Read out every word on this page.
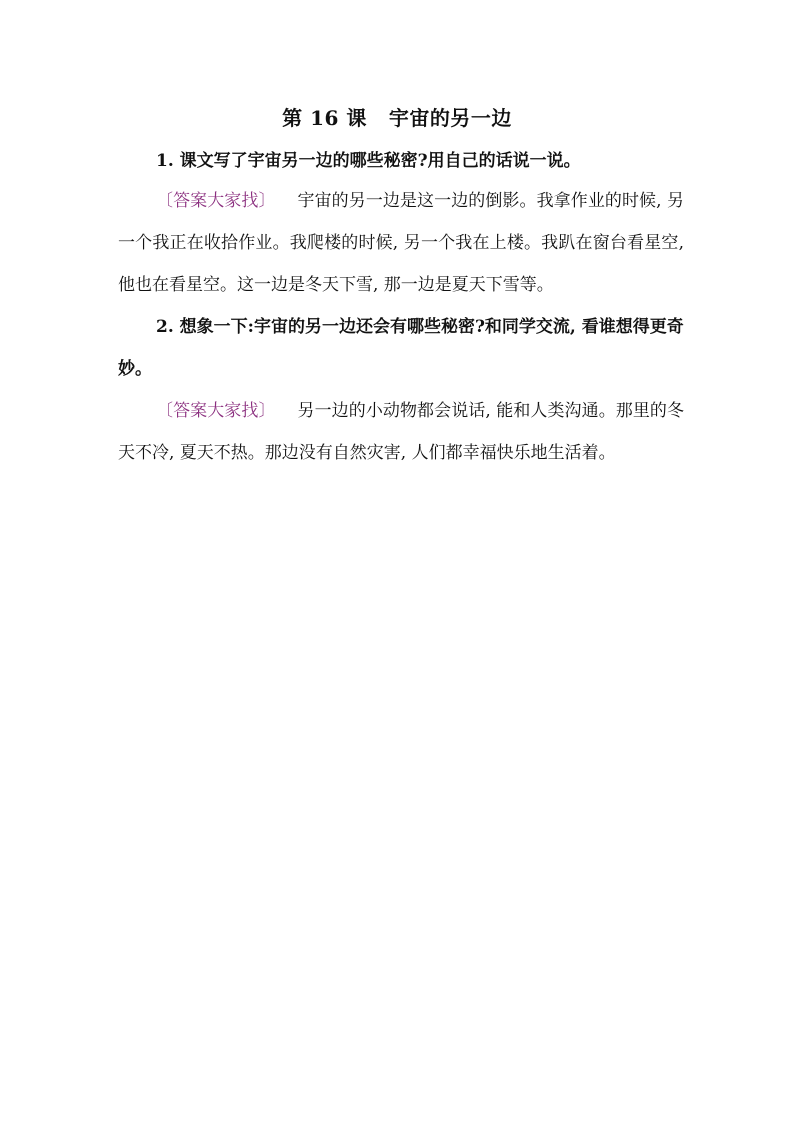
第 16 课 宇宙的另一边
1. 课文写了宇宙另一边的哪些秘密?用自己的话说一说。
〔答案大家找〕 宇宙的另一边是这一边的倒影。我拿作业的时候, 另一个我正在收拾作业。我爬楼的时候, 另一个我在上楼。我趴在窗台看星空, 他也在看星空。这一边是冬天下雪, 那一边是夏天下雪等。
2. 想象一下:宇宙的另一边还会有哪些秘密?和同学交流, 看谁想得更奇妙。
〔答案大家找〕 另一边的小动物都会说话, 能和人类沟通。那里的冬天不冷, 夏天不热。那边没有自然灾害, 人们都幸福快乐地生活着。
